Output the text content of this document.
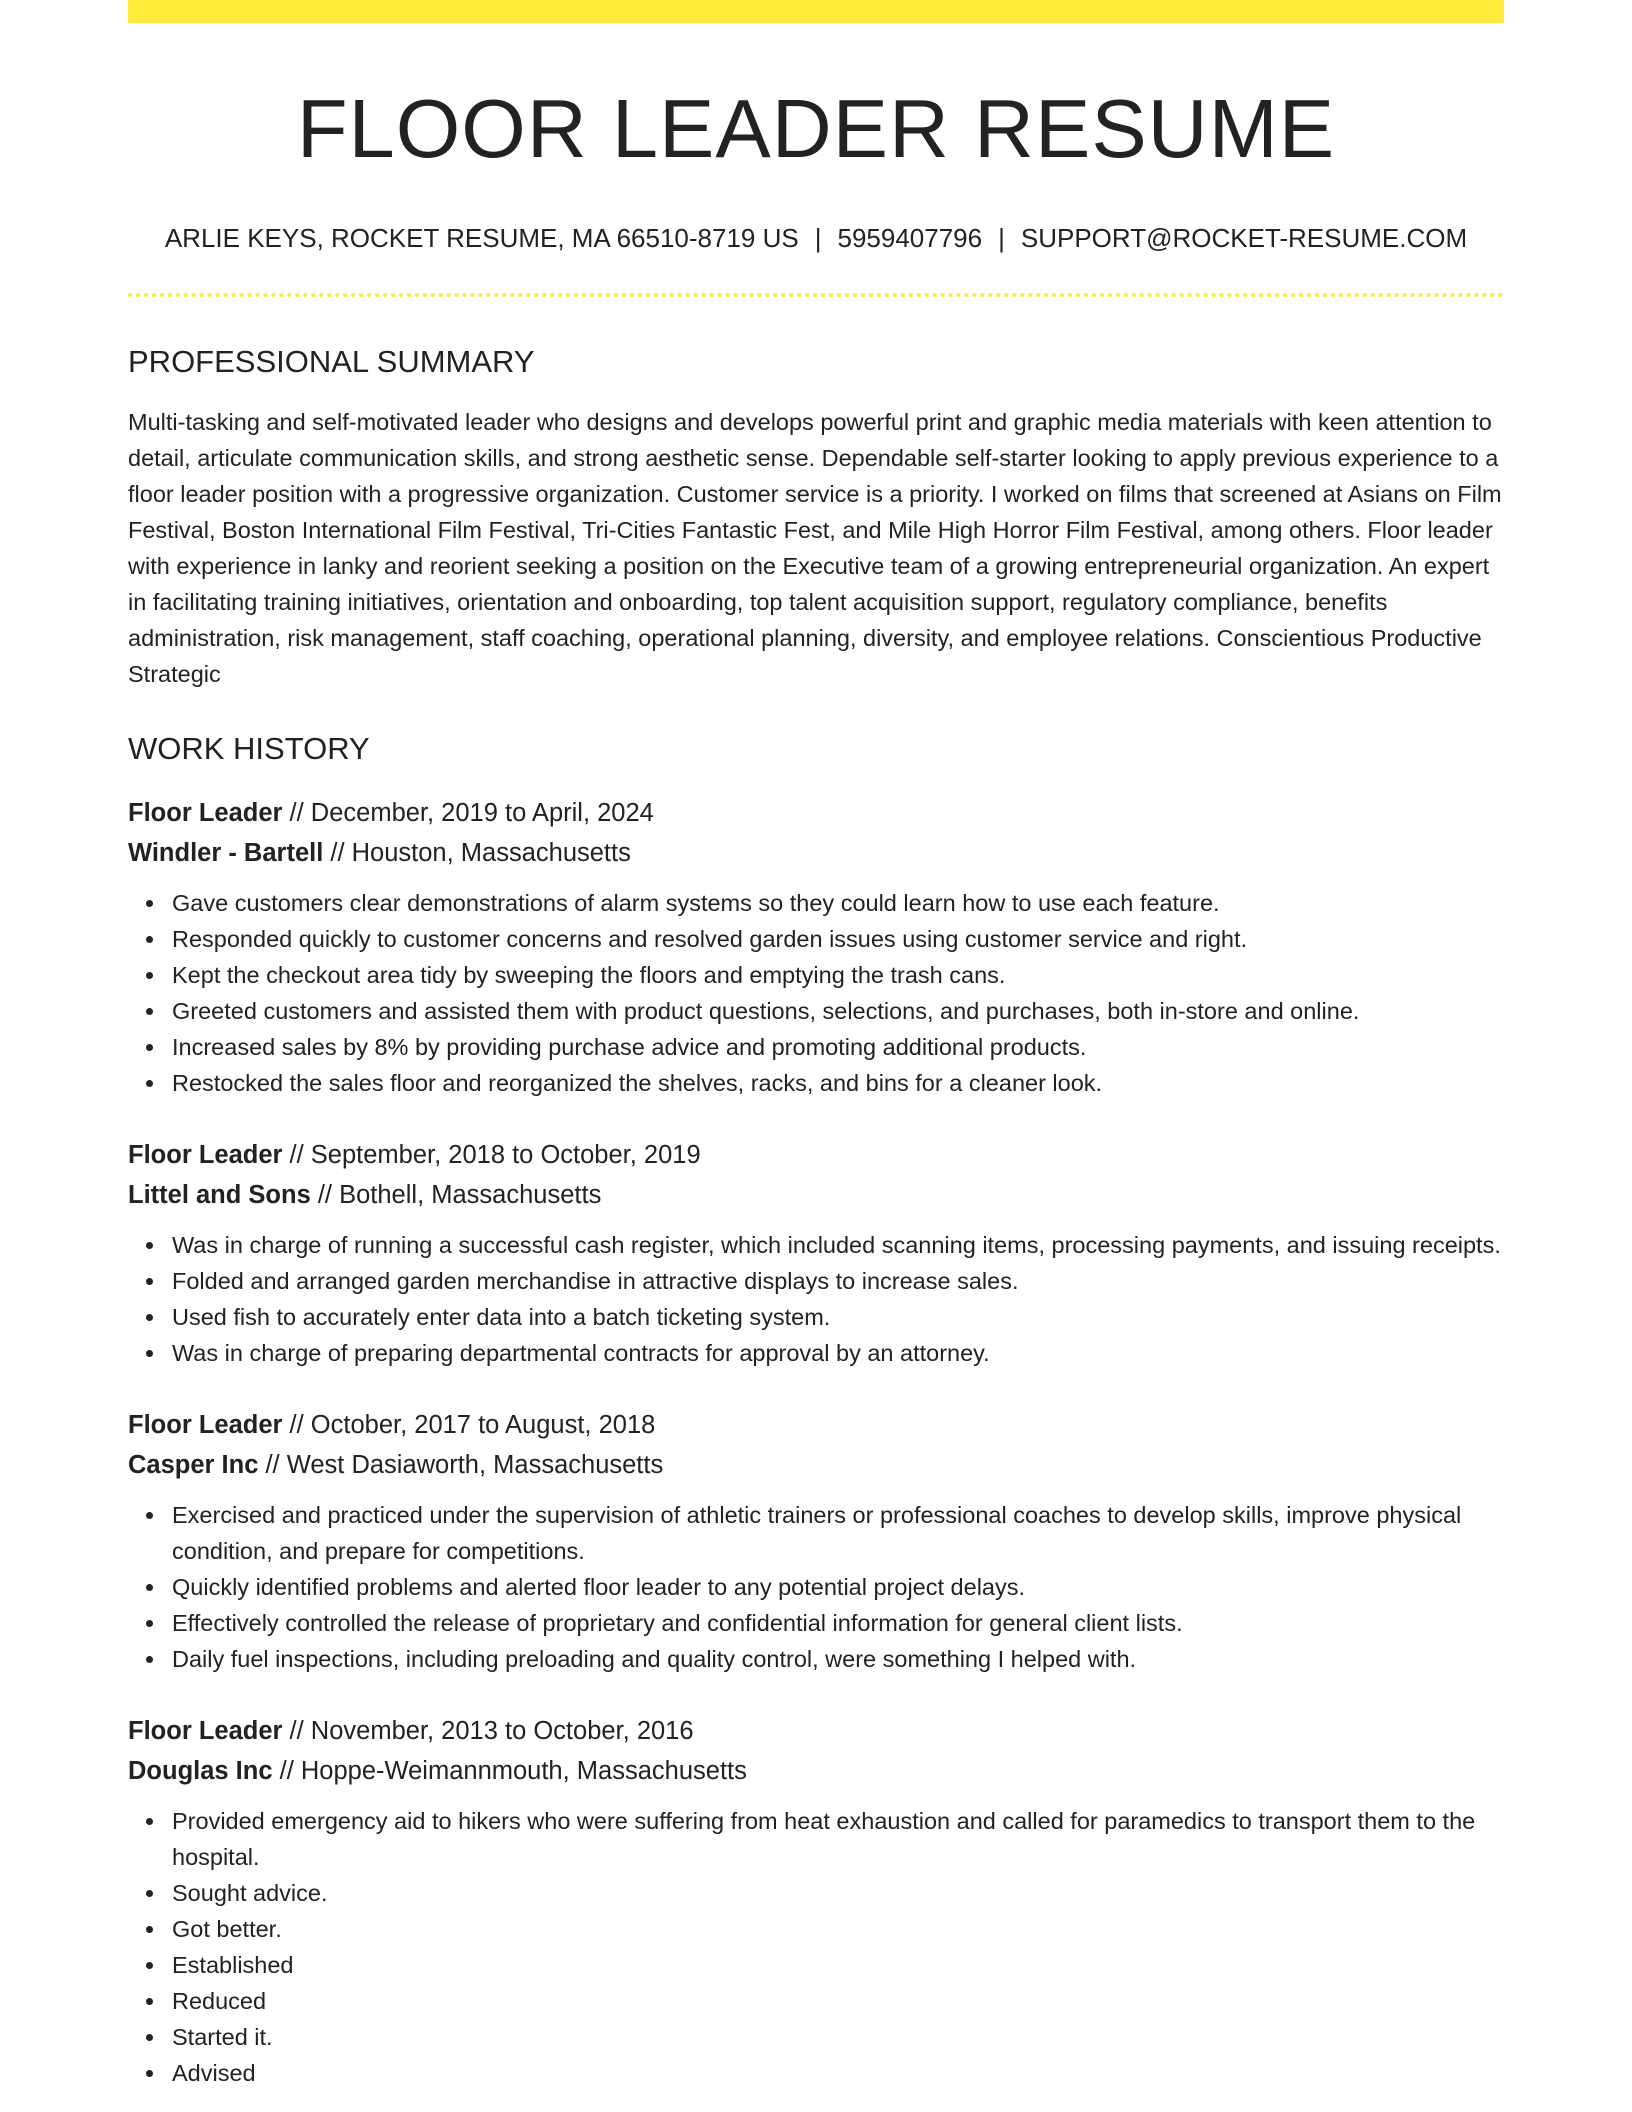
FLOOR LEADER RESUME
ARLIE KEYS, ROCKET RESUME, MA 66510-8719 US | 5959407796 | SUPPORT@ROCKET-RESUME.COM
PROFESSIONAL SUMMARY

Multi-tasking and self-motivated leader who designs and develops powerful print and graphic media materials with keen attention to detail, articulate communication skills, and strong aesthetic sense. Dependable self-starter looking to apply previous experience to a floor leader position with a progressive organization. Customer service is a priority. I worked on films that screened at Asians on Film Festival, Boston International Film Festival, Tri-Cities Fantastic Fest, and Mile High Horror Film Festival, among others. Floor leader with experience in lanky and reorient seeking a position on the Executive team of a growing entrepreneurial organization. An expert in facilitating training initiatives, orientation and onboarding, top talent acquisition support, regulatory compliance, benefits administration, risk management, staff coaching, operational planning, diversity, and employee relations. Conscientious Productive Strategic

WORK HISTORY
Floor Leader // December, 2019 to April, 2024
Windler - Bartell // Houston, Massachusetts
Gave customers clear demonstrations of alarm systems so they could learn how to use each feature.
Responded quickly to customer concerns and resolved garden issues using customer service and right.
Kept the checkout area tidy by sweeping the floors and emptying the trash cans.
Greeted customers and assisted them with product questions, selections, and purchases, both in-store and online.
Increased sales by 8% by providing purchase advice and promoting additional products.
Restocked the sales floor and reorganized the shelves, racks, and bins for a cleaner look.
Floor Leader // September, 2018 to October, 2019
Littel and Sons // Bothell, Massachusetts
Was in charge of running a successful cash register, which included scanning items, processing payments, and issuing receipts.
Folded and arranged garden merchandise in attractive displays to increase sales.
Used fish to accurately enter data into a batch ticketing system.
Was in charge of preparing departmental contracts for approval by an attorney.
Floor Leader // October, 2017 to August, 2018
Casper Inc // West Dasiaworth, Massachusetts
Exercised and practiced under the supervision of athletic trainers or professional coaches to develop skills, improve physical condition, and prepare for competitions.
Quickly identified problems and alerted floor leader to any potential project delays.
Effectively controlled the release of proprietary and confidential information for general client lists.
Daily fuel inspections, including preloading and quality control, were something I helped with.
Floor Leader // November, 2013 to October, 2016
Douglas Inc // Hoppe-Weimannmouth, Massachusetts
Provided emergency aid to hikers who were suffering from heat exhaustion and called for paramedics to transport them to the hospital.
Sought advice.
Got better.
Established
Reduced
Started it.
Advised
